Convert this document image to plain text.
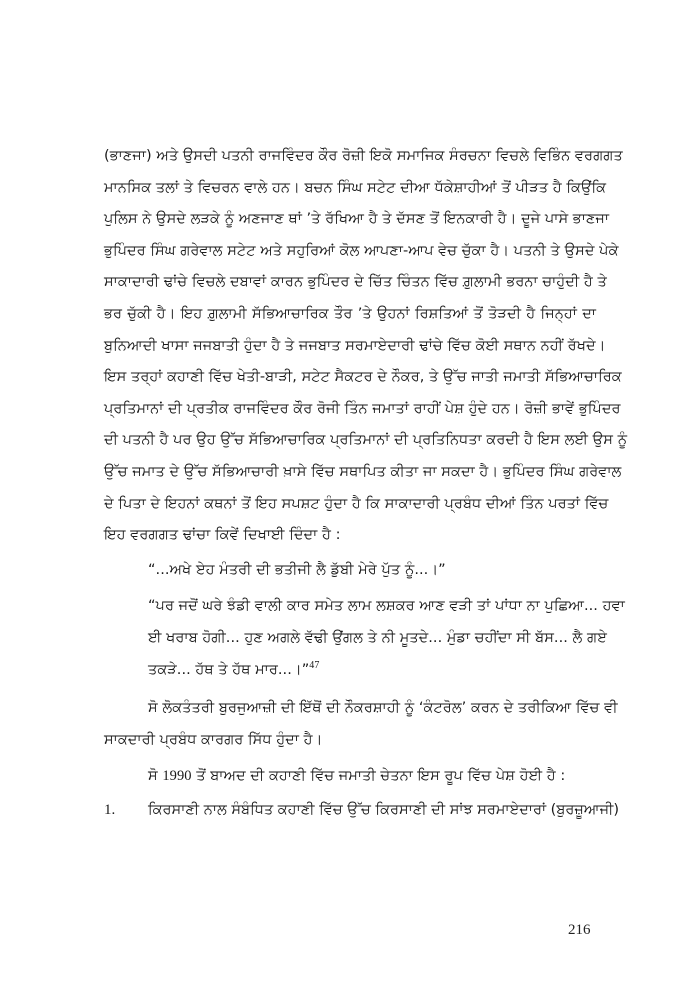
(ਭਾਣਜਾ) ਅਤੇ ਉਸਦੀ ਪਤਨੀ ਰਾਜਵਿੰਦਰ ਕੌਰ ਰੋਜ਼ੀ ਇਕੋ ਸਮਾਜਿਕ ਸੰਰਚਨਾ ਵਿਚਲੇ ਵਿਭਿੰਨ ਵਰਗਗਤ
ਮਾਨਸਿਕ ਤਲਾਂ ਤੇ ਵਿਚਰਨ ਵਾਲੇ ਹਨ। ਬਚਨ ਸਿੰਘ ਸਟੇਟ ਦੀਆ ਧੱਕੇਸ਼ਾਹੀਆਂ ਤੋਂ ਪੀੜਤ ਹੈ ਕਿਉਂਕਿ
ਪੁਲਿਸ ਨੇ ਉਸਦੇ ਲੜਕੇ ਨੂੰ ਅਣਜਾਣ ਥਾਂ ’ਤੇ ਰੱਖਿਆ ਹੈ ਤੇ ਦੱਸਣ ਤੋਂ ਇਨਕਾਰੀ ਹੈ। ਦੂਜੇ ਪਾਸੇ ਭਾਣਜਾ
ਭੁਪਿੰਦਰ ਸਿੰਘ ਗਰੇਵਾਲ ਸਟੇਟ ਅਤੇ ਸਹੁਰਿਆਂ ਕੋਲ ਆਪਣਾ-ਆਪ ਵੇਚ ਚੁੱਕਾ ਹੈ। ਪਤਨੀ ਤੇ ਉਸਦੇ ਪੇਕੇ
ਸਾਕਾਦਾਰੀ ਢਾਂਚੇ ਵਿਚਲੇ ਦਬਾਵਾਂ ਕਾਰਨ ਭੁਪਿੰਦਰ ਦੇ ਚਿੱਤ ਚਿੰਤਨ ਵਿੱਚ ਗ਼ੁਲਾਮੀ ਭਰਨਾ ਚਾਹੁੰਦੀ ਹੈ ਤੇ
ਭਰ ਚੁੱਕੀ ਹੈ। ਇਹ ਗ਼ੁਲਾਮੀ ਸੱਭਿਆਚਾਰਿਕ ਤੌਰ ’ਤੇ ਉਹਨਾਂ ਰਿਸ਼ਤਿਆਂ ਤੋਂ ਤੋੜਦੀ ਹੈ ਜਿਨ੍ਹਾਂ ਦਾ
ਬੁਨਿਆਦੀ ਖਾਸਾ ਜਜਬਾਤੀ ਹੁੰਦਾ ਹੈ ਤੇ ਜਜਬਾਤ ਸਰਮਾਏਦਾਰੀ ਢਾਂਚੇ ਵਿੱਚ ਕੋਈ ਸਥਾਨ ਨਹੀਂ ਰੱਖਦੇ।
ਇਸ ਤਰ੍ਹਾਂ ਕਹਾਣੀ ਵਿੱਚ ਖੇਤੀ-ਬਾੜੀ, ਸਟੇਟ ਸੈਕਟਰ ਦੇ ਨੌਕਰ, ਤੇ ਉੱਚ ਜਾਤੀ ਜਮਾਤੀ ਸੱਭਿਆਚਾਰਿਕ
ਪ੍ਰਤਿਮਾਨਾਂ ਦੀ ਪ੍ਰਤੀਕ ਰਾਜਵਿੰਦਰ ਕੌਰ ਰੋਜੀ ਤਿੰਨ ਜਮਾਤਾਂ ਰਾਹੀਂ ਪੇਸ਼ ਹੁੰਦੇ ਹਨ। ਰੋਜ਼ੀ ਭਾਵੇਂ ਭੁਪਿੰਦਰ
ਦੀ ਪਤਨੀ ਹੈ ਪਰ ਉਹ ਉੱਚ ਸੱਭਿਆਚਾਰਿਕ ਪ੍ਰਤਿਮਾਨਾਂ ਦੀ ਪ੍ਰਤਿਨਿਧਤਾ ਕਰਦੀ ਹੈ ਇਸ ਲਈ ਉਸ ਨੂੰ
ਉੱਚ ਜਮਾਤ ਦੇ ਉੱਚ ਸੱਭਿਆਚਾਰੀ ਖ਼ਾਸੇ ਵਿੱਚ ਸਥਾਪਿਤ ਕੀਤਾ ਜਾ ਸਕਦਾ ਹੈ। ਭੁਪਿੰਦਰ ਸਿੰਘ ਗਰੇਵਾਲ
ਦੇ ਪਿਤਾ ਦੇ ਇਹਨਾਂ ਕਥਨਾਂ ਤੋਂ ਇਹ ਸਪਸ਼ਟ ਹੁੰਦਾ ਹੈ ਕਿ ਸਾਕਾਦਾਰੀ ਪ੍ਰਬੰਧ ਦੀਆਂ ਤਿੰਨ ਪਰਤਾਂ ਵਿੱਚ
ਇਹ ਵਰਗਗਤ ਢਾਂਚਾ ਕਿਵੇਂ ਦਿਖਾਈ ਦਿੰਦਾ ਹੈ :
“...ਅਖੇ ਏਹ ਮੰਤਰੀ ਦੀ ਭਤੀਜੀ ਲੈ ਡੁੱਬੀ ਮੇਰੇ ਪੁੱਤ ਨੂੰ...।”
“ਪਰ ਜਦੋਂ ਘਰੇ ਝੰਡੀ ਵਾਲੀ ਕਾਰ ਸਮੇਤ ਲਾਮ ਲਸ਼ਕਰ ਆਣ ਵੜੀ ਤਾਂ ਪਾਂਧਾ ਨਾ ਪੁਛਿਆ... ਹਵਾ
ਈ ਖਰਾਬ ਹੋਗੀ... ਹੁਣ ਅਗਲੇ ਵੱਢੀ ਉਂਗਲ ਤੇ ਨੀ ਮੂਤਦੇ... ਮੁੰਡਾ ਚਹੀਂਦਾ ਸੀ ਬੱਸ... ਲੈ ਗਏ
ਤਕੜੇ... ਹੱਥ ਤੇ ਹੱਥ ਮਾਰ...।”$^{47}$
ਸੋ ਲੋਕਤੰਤਰੀ ਬੁਰਜੁਆਜ਼ੀ ਦੀ ਇੱਥੋਂ ਦੀ ਨੌਕਰਸ਼ਾਹੀ ਨੂੰ ‘ਕੰਟਰੋਲ’ ਕਰਨ ਦੇ ਤਰੀਕਿਆ ਵਿੱਚ ਵੀ
ਸਾਕਦਾਰੀ ਪ੍ਰਬੰਧ ਕਾਰਗਰ ਸਿੱਧ ਹੁੰਦਾ ਹੈ।
ਸੋ 1990 ਤੋਂ ਬਾਅਦ ਦੀ ਕਹਾਣੀ ਵਿੱਚ ਜਮਾਤੀ ਚੇਤਨਾ ਇਸ ਰੂਪ ਵਿੱਚ ਪੇਸ਼ ਹੋਈ ਹੈ :
1. ਕਿਰਸਾਣੀ ਨਾਲ ਸੰਬੰਧਿਤ ਕਹਾਣੀ ਵਿੱਚ ਉੱਚ ਕਿਰਸਾਣੀ ਦੀ ਸਾਂਝ ਸਰਮਾਏਦਾਰਾਂ (ਬੁਰਜ਼ੂਆਜੀ)
216
